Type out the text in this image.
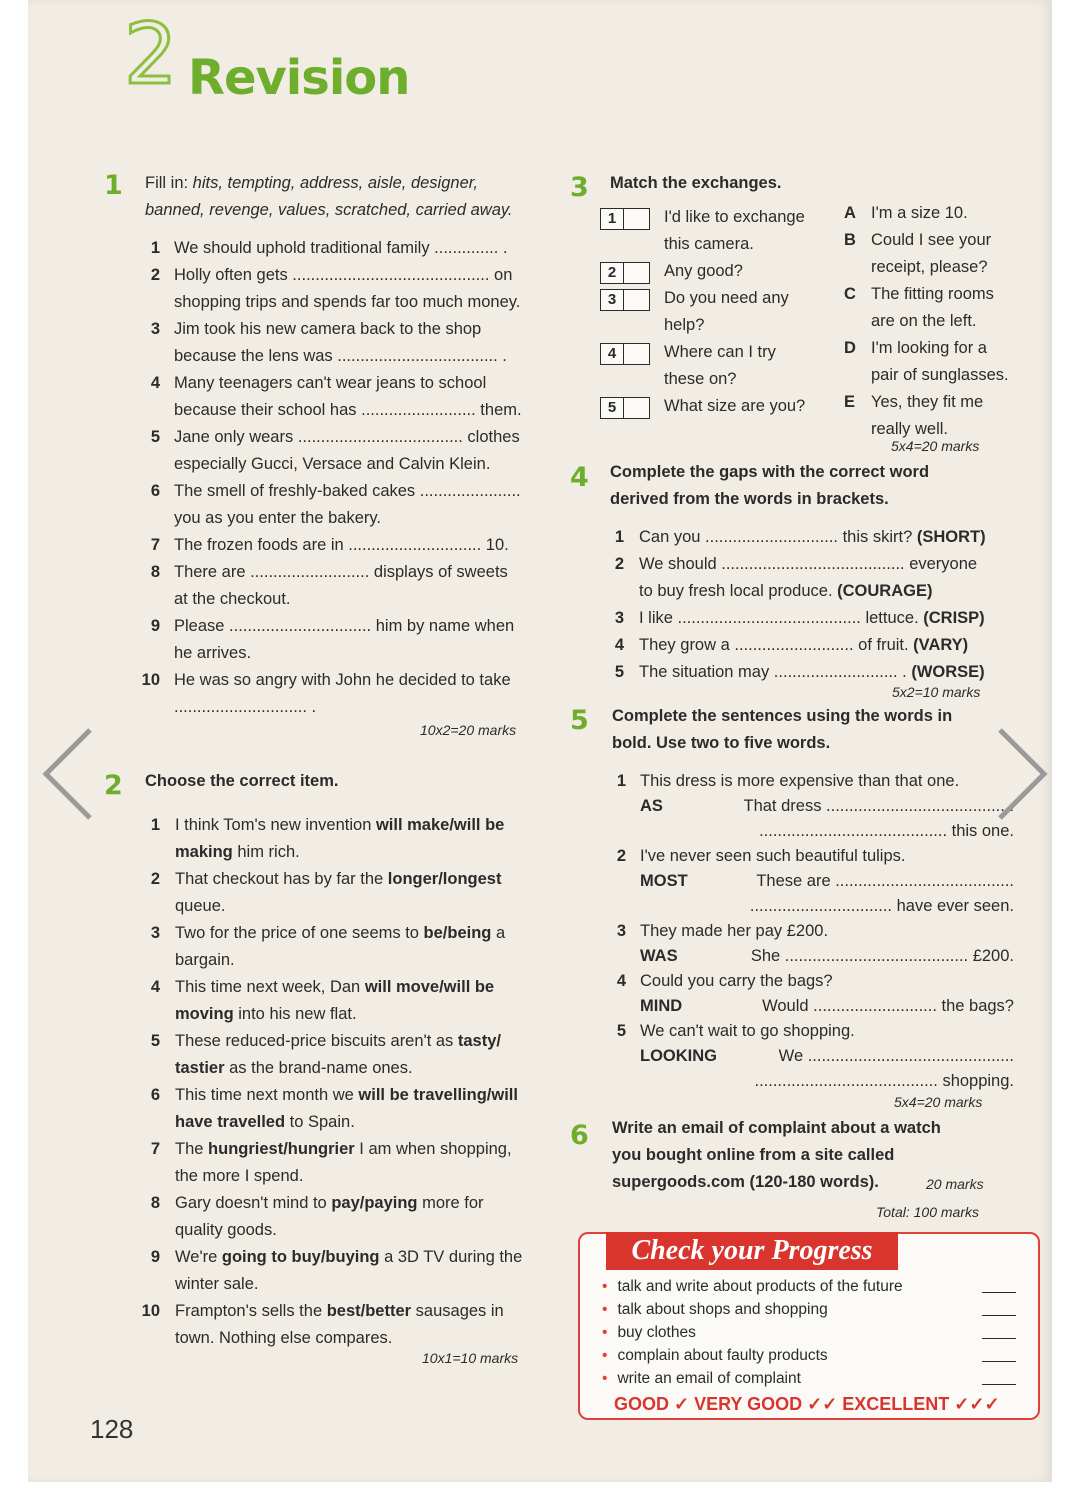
2 Revision
1 Fill in: hits, tempting, address, aisle, designer,
banned, revenge, values, scratched, carried away.
1 We should uphold traditional family .............. .
2 Holly often gets ........................................... on
shopping trips and spends far too much money.
3 Jim took his new camera back to the shop
because the lens was ................................... .
4 Many teenagers can't wear jeans to school
because their school has ......................... them.
5 Jane only wears .................................... clothes
especially Gucci, Versace and Calvin Klein.
6 The smell of freshly-baked cakes ......................
you as you enter the bakery.
7 The frozen foods are in ............................. 10.
8 There are .......................... displays of sweets
at the checkout.
9 Please ............................... him by name when
he arrives.
10 He was so angry with John he decided to take
............................. .
10x2=20 marks
2 Choose the correct item.
1 I think Tom's new invention will make/will be
making him rich.
2 That checkout has by far the longer/longest
queue.
3 Two for the price of one seems to be/being a
bargain.
4 This time next week, Dan will move/will be
moving into his new flat.
5 These reduced-price biscuits aren't as tasty/
tastier as the brand-name ones.
6 This time next month we will be travelling/will
have travelled to Spain.
7 The hungriest/hungrier I am when shopping,
the more I spend.
8 Gary doesn't mind to pay/paying more for
quality goods.
9 We're going to buy/buying a 3D TV during the
winter sale.
10 Frampton's sells the best/better sausages in
town. Nothing else compares.
10x1=10 marks
3 Match the exchanges.
1	I'd like to exchange
this camera.
2	Any good?
3	Do you need any
help?
4	Where can I try
these on?
5	What size are you?
A I'm a size 10.
B Could I see your
receipt, please?
C The fitting rooms
are on the left.
D I'm looking for a
pair of sunglasses.
E Yes, they fit me
really well.
5x4=20 marks
4 Complete the gaps with the correct word
derived from the words in brackets.
1 Can you ............................. this skirt? (SHORT)
2 We should ........................................ everyone
to buy fresh local produce. (COURAGE)
3 I like ........................................ lettuce. (CRISP)
4 They grow a .......................... of fruit. (VARY)
5 The situation may ........................... . (WORSE)
5x2=10 marks
5 Complete the sentences using the words in
bold. Use two to five words.
1 This dress is more expensive than that one.
AS	That dress .........................................
......................................... this one.
2 I've never seen such beautiful tulips.
MOST	These are .......................................
............................... have ever seen.
3 They made her pay £200.
WAS	She ........................................ £200.
4 Could you carry the bags?
MIND	Would ........................... the bags?
5 We can't wait to go shopping.
LOOKING	We .............................................
........................................ shopping.
5x4=20 marks
6 Write an email of complaint about a watch
you bought online from a site called
supergoods.com (120-180 words).	20 marks
Total: 100 marks
Check your Progress
• talk and write about products of the future
• talk about shops and shopping
• buy clothes
• complain about faulty products
• write an email of complaint
GOOD ✓ VERY GOOD ✓✓ EXCELLENT ✓✓✓
128
